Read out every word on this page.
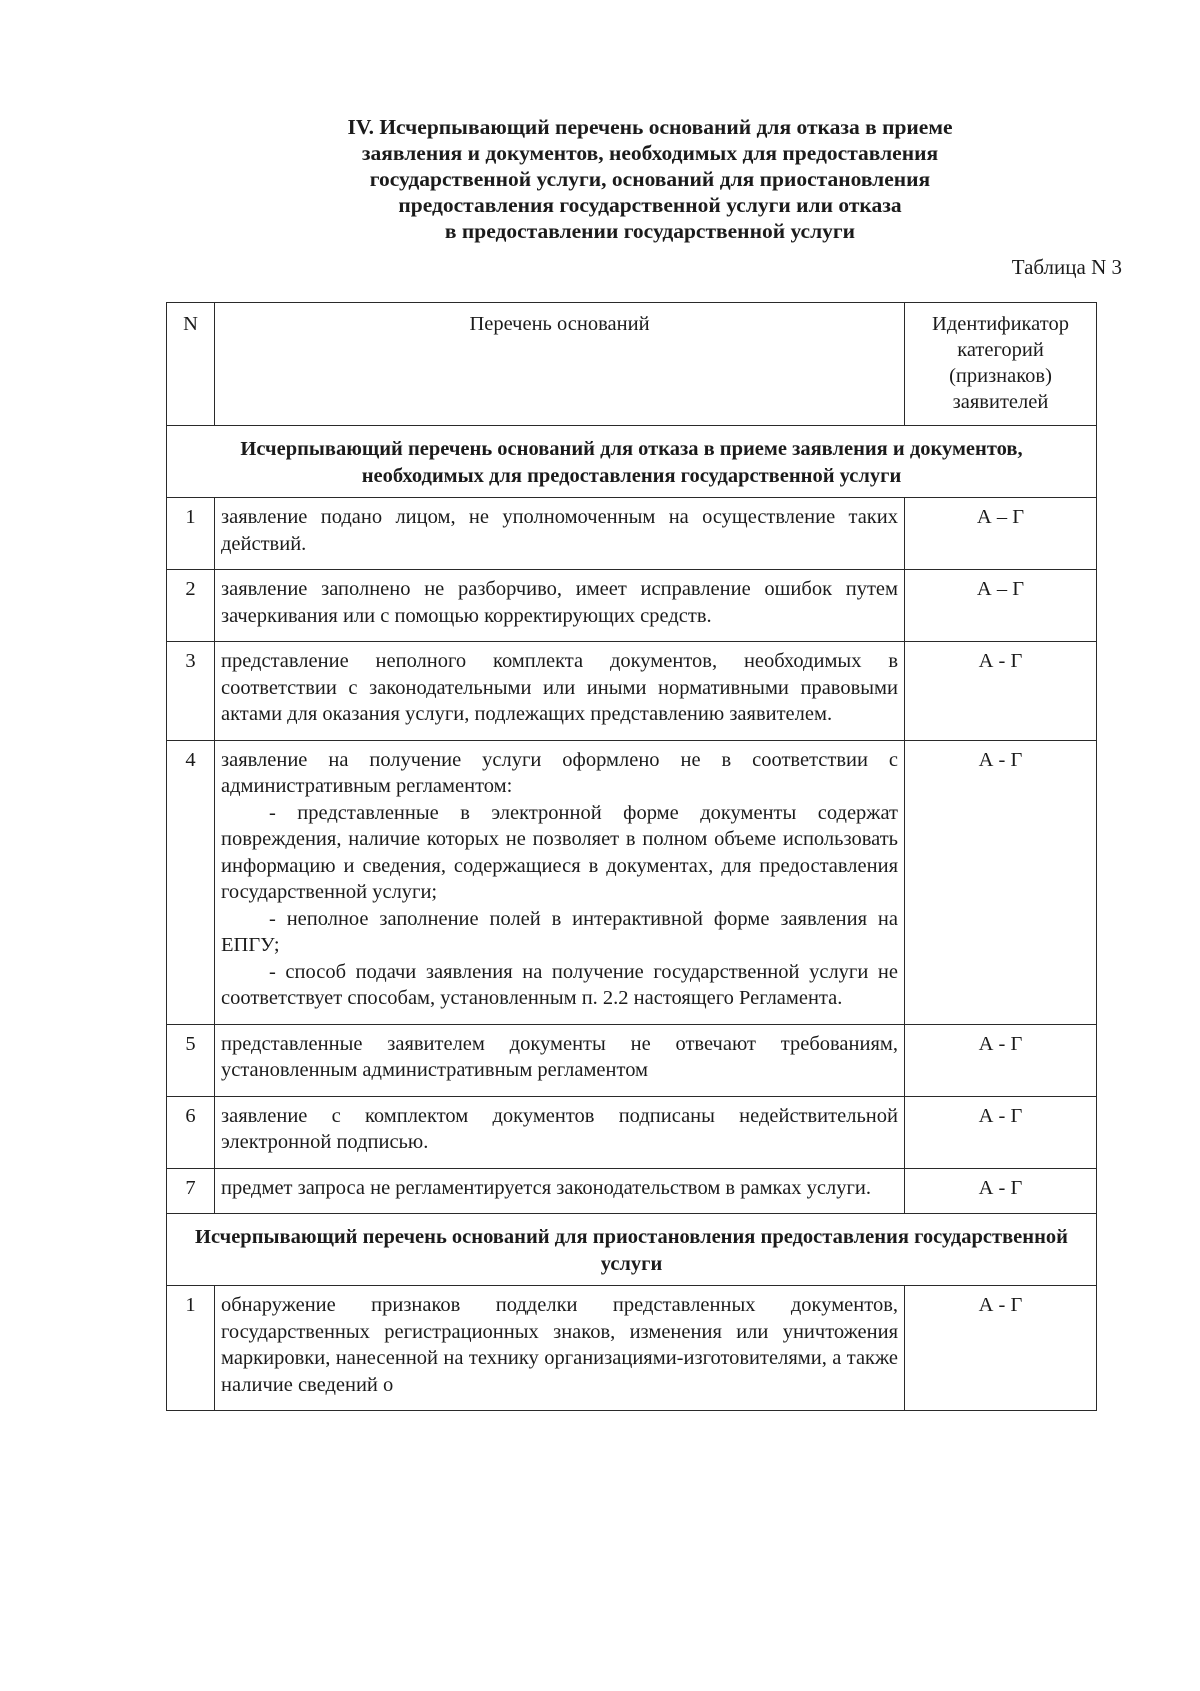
IV. Исчерпывающий перечень оснований для отказа в приеме
заявления и документов, необходимых для предоставления
государственной услуги, оснований для приостановления
предоставления государственной услуги или отказа
в предоставлении государственной услуги
Таблица N 3
N	Перечень оснований	Идентификатор категорий (признаков) заявителей
Исчерпывающий перечень оснований для отказа в приеме заявления и документов, необходимых для предоставления государственной услуги		
1	заявление подано лицом, не уполномоченным на осуществление таких действий.	А – Г
2	заявление заполнено не разборчиво, имеет исправление ошибок путем зачеркивания или с помощью корректирующих средств.	А – Г
3	представление неполного комплекта документов, необходимых в соответствии с законодательными или иными нормативными правовыми актами для оказания услуги, подлежащих представлению заявителем.	А - Г
4	заявление на получение услуги оформлено не в соответствии с административным регламентом:
- представленные в электронной форме документы содержат повреждения, наличие которых не позволяет в полном объеме использовать информацию и сведения, содержащиеся в документах, для предоставления государственной услуги;
- неполное заполнение полей в интерактивной форме заявления на ЕПГУ;
- способ подачи заявления на получение государственной услуги не соответствует способам, установленным п. 2.2 настоящего Регламента.	А - Г
5	представленные заявителем документы не отвечают требованиям, установленным административным регламентом	А - Г
6	заявление с комплектом документов подписаны недействительной электронной подписью.	А - Г
7	предмет запроса не регламентируется законодательством в рамках услуги.	А - Г
Исчерпывающий перечень оснований для приостановления предоставления государственной услуги		
1	обнаружение признаков подделки представленных документов, государственных регистрационных знаков, изменения или уничтожения маркировки, нанесенной на технику организациями-изготовителями, а также наличие сведений о	А - Г
